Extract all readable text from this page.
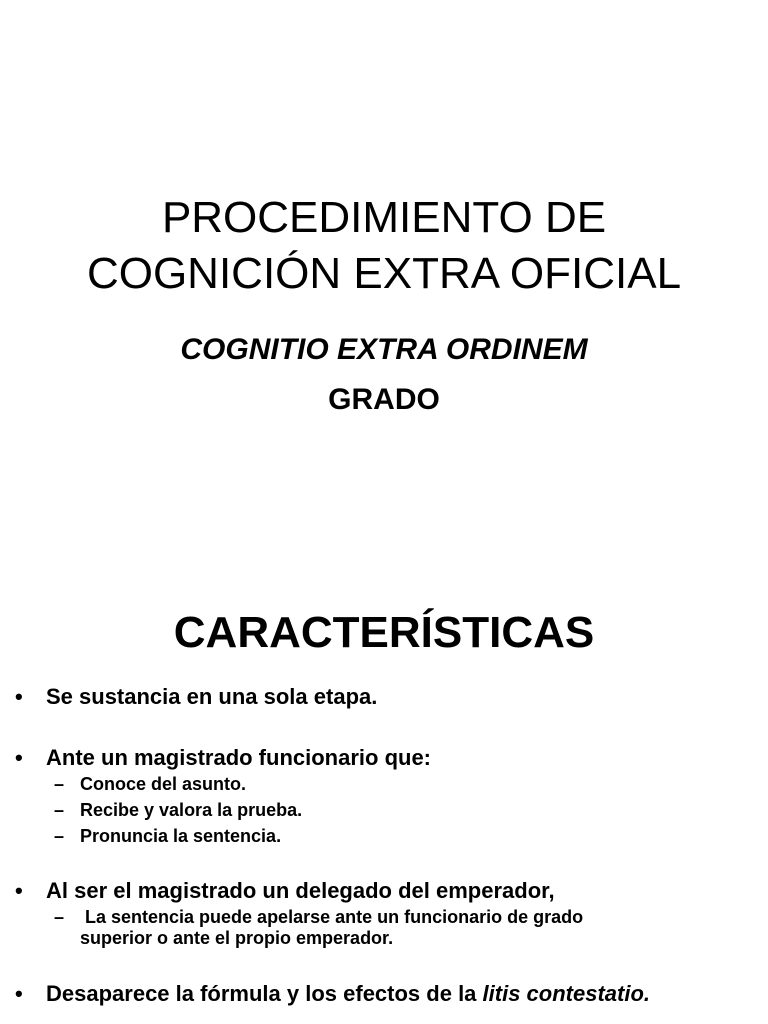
PROCEDIMIENTO DE
COGNICIÓN EXTRA OFICIAL
COGNITIO EXTRA ORDINEM
GRADO
CARACTERÍSTICAS
• Se sustancia en una sola etapa.
• Ante un magistrado funcionario que:
– Conoce del asunto.
– Recibe y valora la prueba.
– Pronuncia la sentencia.
• Al ser el magistrado un delegado del emperador,
– La sentencia puede apelarse ante un funcionario de grado
superior o ante el propio emperador.
• Desaparece la fórmula y los efectos de la litis contestatio.
